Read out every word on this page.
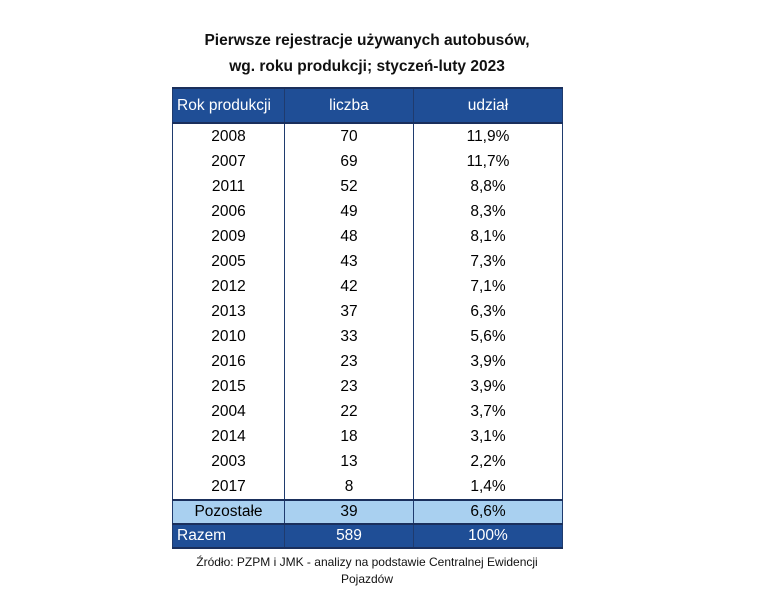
Pierwsze rejestracje używanych autobusów,
wg. roku produkcji; styczeń-luty 2023
Rok produkcji	liczba	udział
2008	70	11,9%
2007	69	11,7%
2011	52	8,8%
2006	49	8,3%
2009	48	8,1%
2005	43	7,3%
2012	42	7,1%
2013	37	6,3%
2010	33	5,6%
2016	23	3,9%
2015	23	3,9%
2004	22	3,7%
2014	18	3,1%
2003	13	2,2%
2017	8	1,4%
Pozostałe	39	6,6%
Razem	589	100%
Źródło: PZPM i JMK - analizy na podstawie Centralnej Ewidencji
Pojazdów
